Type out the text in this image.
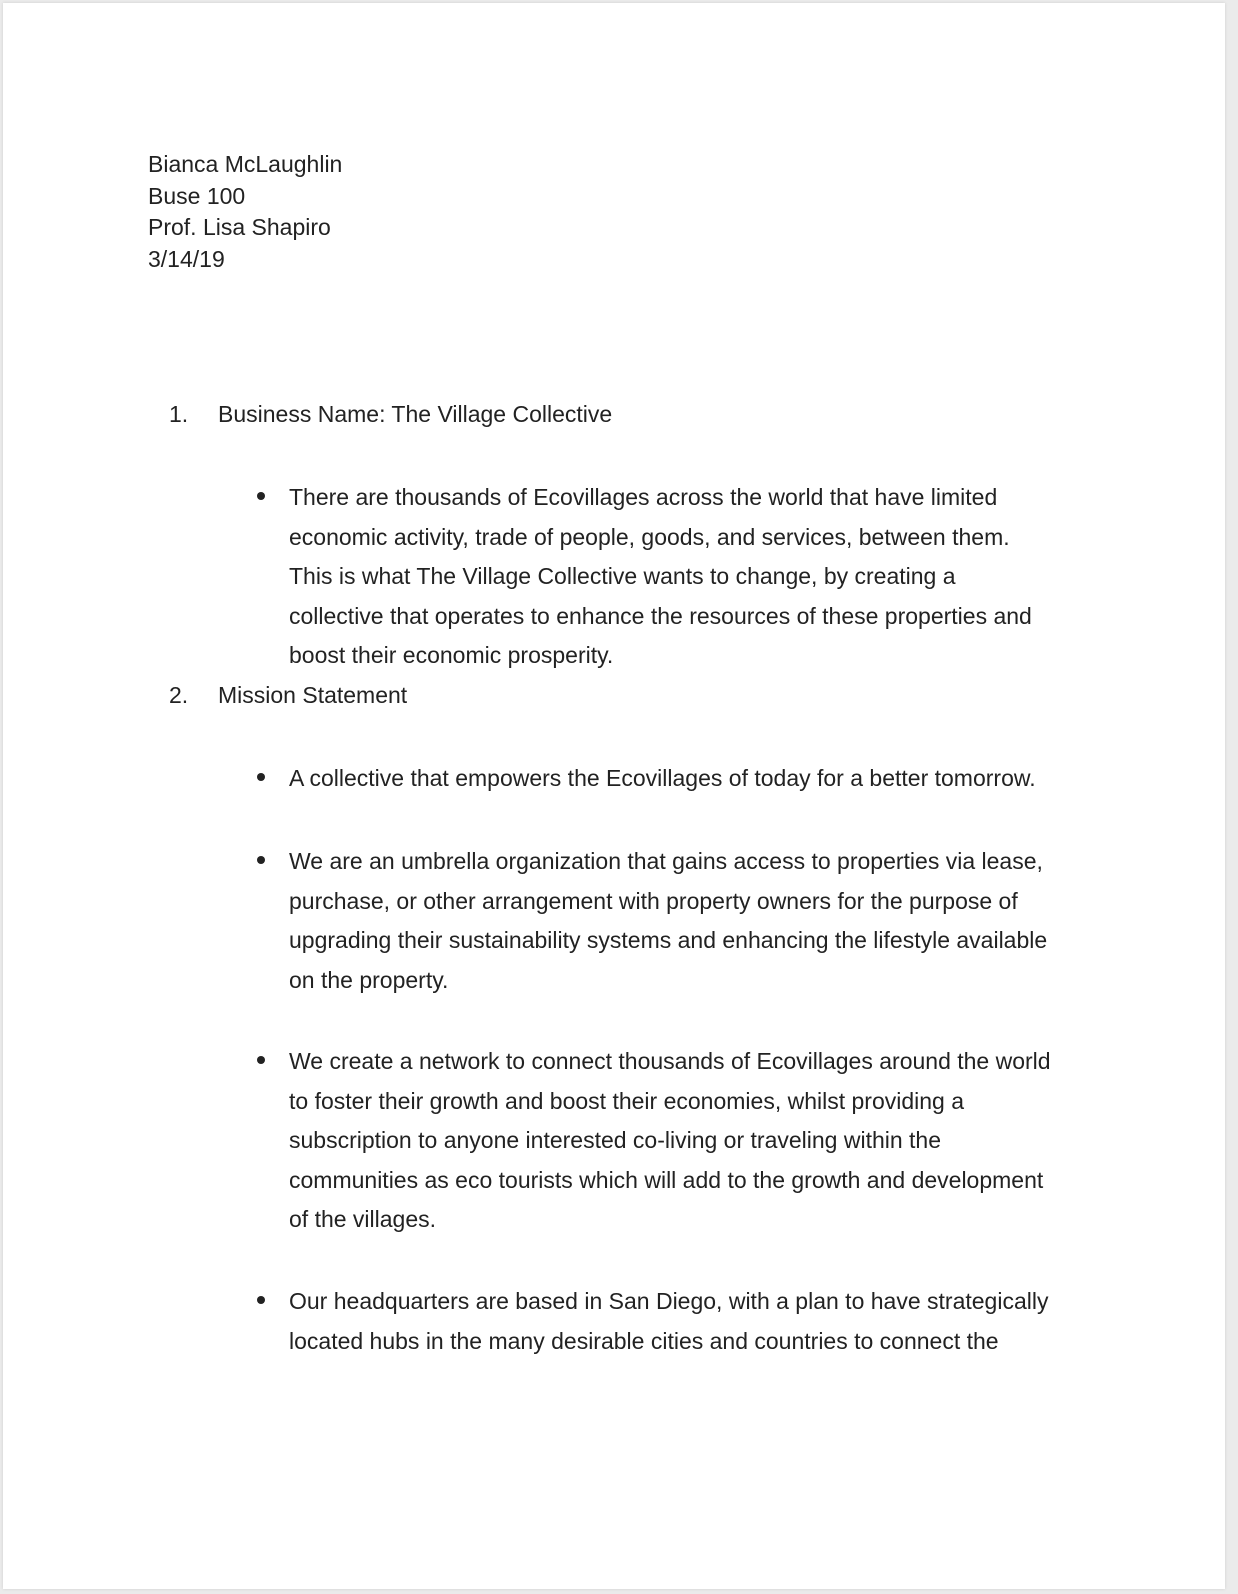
Bianca McLaughlin
Buse 100
Prof. Lisa Shapiro
3/14/19
1. Business Name: The Village Collective
There are thousands of Ecovillages across the world that have limited economic activity, trade of people, goods, and services, between them. This is what The Village Collective wants to change, by creating a collective that operates to enhance the resources of these properties and boost their economic prosperity.
2. Mission Statement
A collective that empowers the Ecovillages of today for a better tomorrow.
We are an umbrella organization that gains access to properties via lease, purchase, or other arrangement with property owners for the purpose of upgrading their sustainability systems and enhancing the lifestyle available on the property.
We create a network to connect thousands of Ecovillages around the world to foster their growth and boost their economies, whilst providing a subscription to anyone interested co-living or traveling within the communities as eco tourists which will add to the growth and development of the villages.
Our headquarters are based in San Diego, with a plan to have strategically located hubs in the many desirable cities and countries to connect the
